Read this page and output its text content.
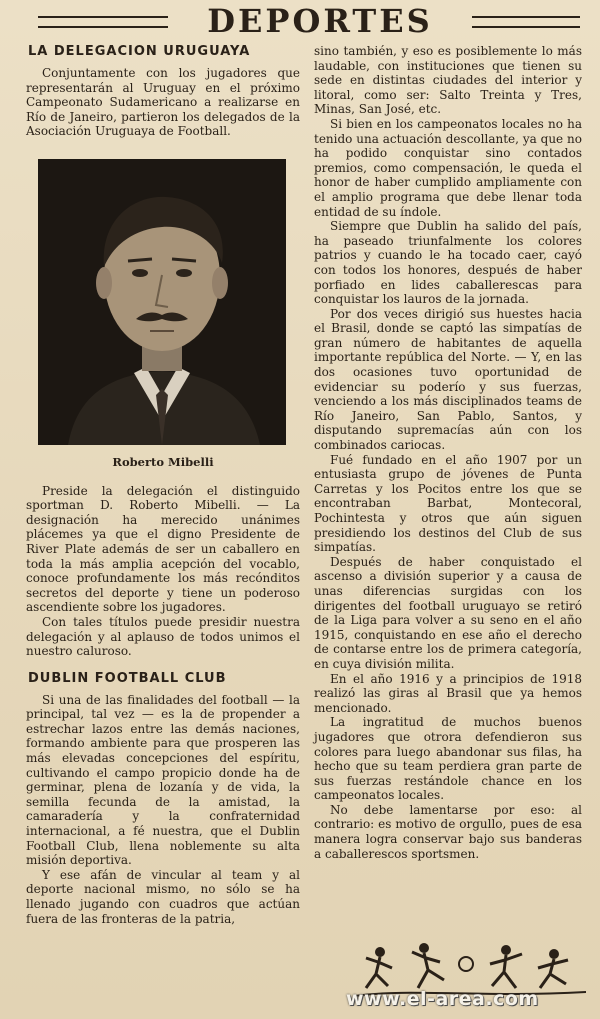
DEPORTES
LA DELEGACION URUGUAYA

Conjuntamente con los jugadores que representarán al Uruguay en el próximo Campeonato Sudamericano a realizarse en Río de Janeiro, partieron los delegados de la Asociación Uruguaya de Football.

Roberto Mibelli

Preside la delegación el distinguido sportman D. Roberto Mibelli. — La designación ha merecido unánimes plácemes ya que el digno Presidente de River Plate además de ser un caballero en toda la más amplia acepción del vocablo, conoce profundamente los más recónditos secretos del deporte y tiene un poderoso ascendiente sobre los jugadores.

Con tales títulos puede presidir nuestra delegación y al aplauso de todos unimos el nuestro caluroso.

DUBLIN FOOTBALL CLUB

Si una de las finalidades del football — la principal, tal vez — es la de propender a estrechar lazos entre las demás naciones, formando ambiente para que prosperen las más elevadas concepciones del espíritu, cultivando el campo propicio donde ha de germinar, plena de lozanía y de vida, la semilla fecunda de la amistad, la camaradería y la confraternidad internacional, a fé nuestra, que el Dublin Football Club, llena noblemente su alta misión deportiva.

Y ese afán de vincular al team y al deporte nacional mismo, no sólo se ha llenado jugando con cuadros que actúan fuera de las fronteras de la patria,

sino también, y eso es posiblemente lo más laudable, con instituciones que tienen su sede en distintas ciudades del interior y litoral, como ser: Salto Treinta y Tres, Minas, San José, etc.

Si bien en los campeonatos locales no ha tenido una actuación descollante, ya que no ha podido conquistar sino contados premios, como compensación, le queda el honor de haber cumplido ampliamente con el amplio programa que debe llenar toda entidad de su índole.

Siempre que Dublin ha salido del país, ha paseado triunfalmente los colores patrios y cuando le ha tocado caer, cayó con todos los honores, después de haber porfiado en lides caballerescas para conquistar los lauros de la jornada.

Por dos veces dirigió sus huestes hacia el Brasil, donde se captó las simpatías de gran número de habitantes de aquella importante república del Norte. — Y, en las dos ocasiones tuvo oportunidad de evidenciar su poderío y sus fuerzas, venciendo a los más disciplinados teams de Río Janeiro, San Pablo, Santos, y disputando supremacías aún con los combinados cariocas.

Fué fundado en el año 1907 por un entusiasta grupo de jóvenes de Punta Carretas y los Pocitos entre los que se encontraban Barbat, Montecoral, Pochintesta y otros que aún siguen presidiendo los destinos del Club de sus simpatías.

Después de haber conquistado el ascenso a división superior y a causa de unas diferencias surgidas con los dirigentes del football uruguayo se retiró de la Liga para volver a su seno en el año 1915, conquistando en ese año el derecho de contarse entre los de primera categoría, en cuya división milita.

En el año 1916 y a principios de 1918 realizó las giras al Brasil que ya hemos mencionado.

La ingratitud de muchos buenos jugadores que otrora defendieron sus colores para luego abandonar sus filas, ha hecho que su team perdiera gran parte de sus fuerzas restándole chance en los campeonatos locales.

No debe lamentarse por eso: al contrario: es motivo de orgullo, pues de esa manera logra conservar bajo sus banderas a caballerescos sportsmen.

www.el-area.com
